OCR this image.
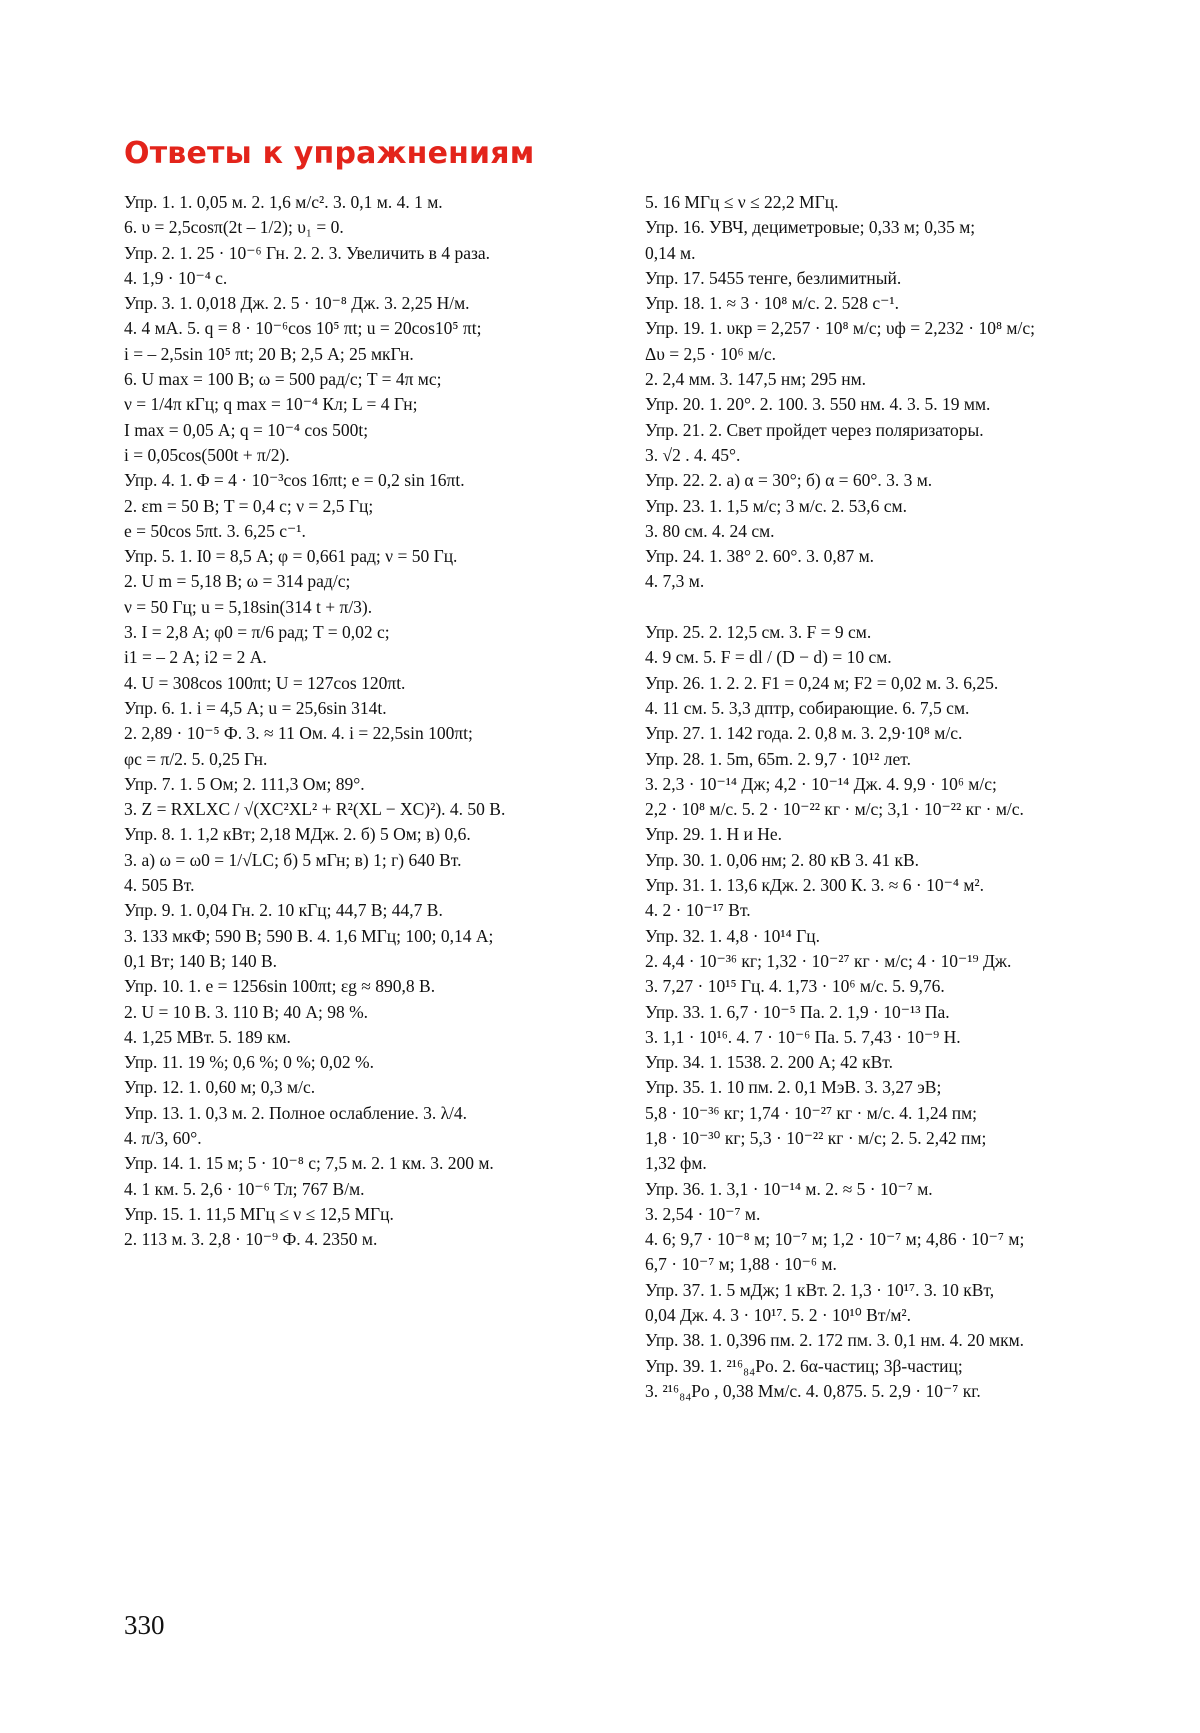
Ответы к упражнениям
Упр. 1. 1. 0,05 м. 2. 1,6 м/с². 3. 0,1 м. 4. 1 м.
6. υ = 2,5cosπ(2t – 1/2); υ₁ = 0.
Упр. 2. 1. 25 · 10⁻⁶ Гн. 2. 2. 3. Увеличить в 4 раза.
4. 1,9 · 10⁻⁴ с.
Упр. 3. 1. 0,018 Дж. 2. 5 · 10⁻⁸ Дж. 3. 2,25 Н/м.
4. 4 мА. 5. q = 8 · 10⁻⁶cos 10⁵ πt; u = 20cos10⁵ πt;
i = – 2,5sin 10⁵ πt; 20 В; 2,5 А; 25 мкГн.
6. U max = 100 В; ω = 500 рад/с; T = 4π мс;
ν = 1/4π кГц; q max = 10⁻⁴ Кл; L = 4 Гн;
I max = 0,05 А; q = 10⁻⁴ cos 500t;
i = 0,05cos(500t + π/2).
Упр. 4. 1. Φ = 4 · 10⁻³cos 16πt; e = 0,2 sin 16πt.
2. εm = 50 В; T = 0,4 с; ν = 2,5 Гц;
e = 50cos 5πt. 3. 6,25 с⁻¹.
Упр. 5. 1. I0 = 8,5 А; φ = 0,661 рад; ν = 50 Гц.
2. U m = 5,18 В; ω = 314 рад/с;
ν = 50 Гц; u = 5,18sin(314 t + π/3).
3. I = 2,8 А; φ0 = π/6 рад; T = 0,02 с;
i1 = – 2 А; i2 = 2 А.
4. U = 308cos 100πt; U = 127cos 120πt.
Упр. 6. 1. i = 4,5 А; u = 25,6sin 314t.
2. 2,89 · 10⁻⁵ Ф. 3. ≈ 11 Ом. 4. i = 22,5sin 100πt;
φc = π/2. 5. 0,25 Гн.
Упр. 7. 1. 5 Ом; 2. 111,3 Ом; 89°.
3. Z = RXLXC / √(XC²XL² + R²(XL − XC)²). 4. 50 В.
Упр. 8. 1. 1,2 кВт; 2,18 МДж. 2. б) 5 Ом; в) 0,6.
3. а) ω = ω0 = 1/√LC; б) 5 мГн; в) 1; г) 640 Вт.
4. 505 Вт.
Упр. 9. 1. 0,04 Гн. 2. 10 кГц; 44,7 В; 44,7 В.
3. 133 мкФ; 590 В; 590 В. 4. 1,6 МГц; 100; 0,14 А;
0,1 Вт; 140 В; 140 В.
Упр. 10. 1. e = 1256sin 100πt; εg ≈ 890,8 В.
2. U = 10 В. 3. 110 В; 40 А; 98 %.
4. 1,25 МВт. 5. 189 км.
Упр. 11. 19 %; 0,6 %; 0 %; 0,02 %.
Упр. 12. 1. 0,60 м; 0,3 м/с.
Упр. 13. 1. 0,3 м. 2. Полное ослабление. 3. λ/4.
4. π/3, 60°.
Упр. 14. 1. 15 м; 5 · 10⁻⁸ с; 7,5 м. 2. 1 км. 3. 200 м.
4. 1 км. 5. 2,6 · 10⁻⁶ Тл; 767 В/м.
Упр. 15. 1. 11,5 МГц ≤ ν ≤ 12,5 МГц.
2. 113 м. 3. 2,8 · 10⁻⁹ Ф. 4. 2350 м.
5. 16 МГц ≤ ν ≤ 22,2 МГц.
Упр. 16. УВЧ, дециметровые; 0,33 м; 0,35 м;
0,14 м.
Упр. 17. 5455 тенге, безлимитный.
Упр. 18. 1. ≈ 3 · 10⁸ м/с. 2. 528 с⁻¹.
Упр. 19. 1. υкр = 2,257 · 10⁸ м/с; υф = 2,232 · 10⁸ м/с;
Δυ = 2,5 · 10⁶ м/с.
2. 2,4 мм. 3. 147,5 нм; 295 нм.
Упр. 20. 1. 20°. 2. 100. 3. 550 нм. 4. 3. 5. 19 мм.
Упр. 21. 2. Свет пройдет через поляризаторы.
3. √2 . 4. 45°.
Упр. 22. 2. а) α = 30°; б) α = 60°. 3. 3 м.
Упр. 23. 1. 1,5 м/с; 3 м/с. 2. 53,6 см.
3. 80 см. 4. 24 см.
Упр. 24. 1. 38° 2. 60°. 3. 0,87 м.
4. 7,3 м.

Упр. 25. 2. 12,5 см. 3. F = 9 см.
4. 9 см. 5. F = dl / (D − d) = 10 см.
Упр. 26. 1. 2. 2. F1 = 0,24 м; F2 = 0,02 м. 3. 6,25.
4. 11 см. 5. 3,3 дптр, собирающие. 6. 7,5 см.
Упр. 27. 1. 142 года. 2. 0,8 м. 3. 2,9·10⁸ м/с.
Упр. 28. 1. 5m, 65m. 2. 9,7 · 10¹² лет.
3. 2,3 · 10⁻¹⁴ Дж; 4,2 · 10⁻¹⁴ Дж. 4. 9,9 · 10⁶ м/с;
2,2 · 10⁸ м/с. 5. 2 · 10⁻²² кг · м/с; 3,1 · 10⁻²² кг · м/с.
Упр. 29. 1. H и He.
Упр. 30. 1. 0,06 нм; 2. 80 кВ 3. 41 кВ.
Упр. 31. 1. 13,6 кДж. 2. 300 К. 3. ≈ 6 · 10⁻⁴ м².
4. 2 · 10⁻¹⁷ Вт.
Упр. 32. 1. 4,8 · 10¹⁴ Гц.
2. 4,4 · 10⁻³⁶ кг; 1,32 · 10⁻²⁷ кг · м/с; 4 · 10⁻¹⁹ Дж.
3. 7,27 · 10¹⁵ Гц. 4. 1,73 · 10⁶ м/с. 5. 9,76.
Упр. 33. 1. 6,7 · 10⁻⁵ Па. 2. 1,9 · 10⁻¹³ Па.
3. 1,1 · 10¹⁶. 4. 7 · 10⁻⁶ Па. 5. 7,43 · 10⁻⁹ Н.
Упр. 34. 1. 1538. 2. 200 А; 42 кВт.
Упр. 35. 1. 10 пм. 2. 0,1 МэВ. 3. 3,27 эВ;
5,8 · 10⁻³⁶ кг; 1,74 · 10⁻²⁷ кг · м/с. 4. 1,24 пм;
1,8 · 10⁻³⁰ кг; 5,3 · 10⁻²² кг · м/с; 2. 5. 2,42 пм;
1,32 фм.
Упр. 36. 1. 3,1 · 10⁻¹⁴ м. 2. ≈ 5 · 10⁻⁷ м.
3. 2,54 · 10⁻⁷ м.
4. 6; 9,7 · 10⁻⁸ м; 10⁻⁷ м; 1,2 · 10⁻⁷ м; 4,86 · 10⁻⁷ м;
6,7 · 10⁻⁷ м; 1,88 · 10⁻⁶ м.
Упр. 37. 1. 5 мДж; 1 кВт. 2. 1,3 · 10¹⁷. 3. 10 кВт,
0,04 Дж. 4. 3 · 10¹⁷. 5. 2 · 10¹⁰ Вт/м².
Упр. 38. 1. 0,396 пм. 2. 172 пм. 3. 0,1 нм. 4. 20 мкм.
Упр. 39. 1. ²¹⁶₈₄Po. 2. 6α-частиц; 3β-частиц;
3. ²¹⁶₈₄Po , 0,38 Мм/с. 4. 0,875. 5. 2,9 · 10⁻⁷ кг.
330
